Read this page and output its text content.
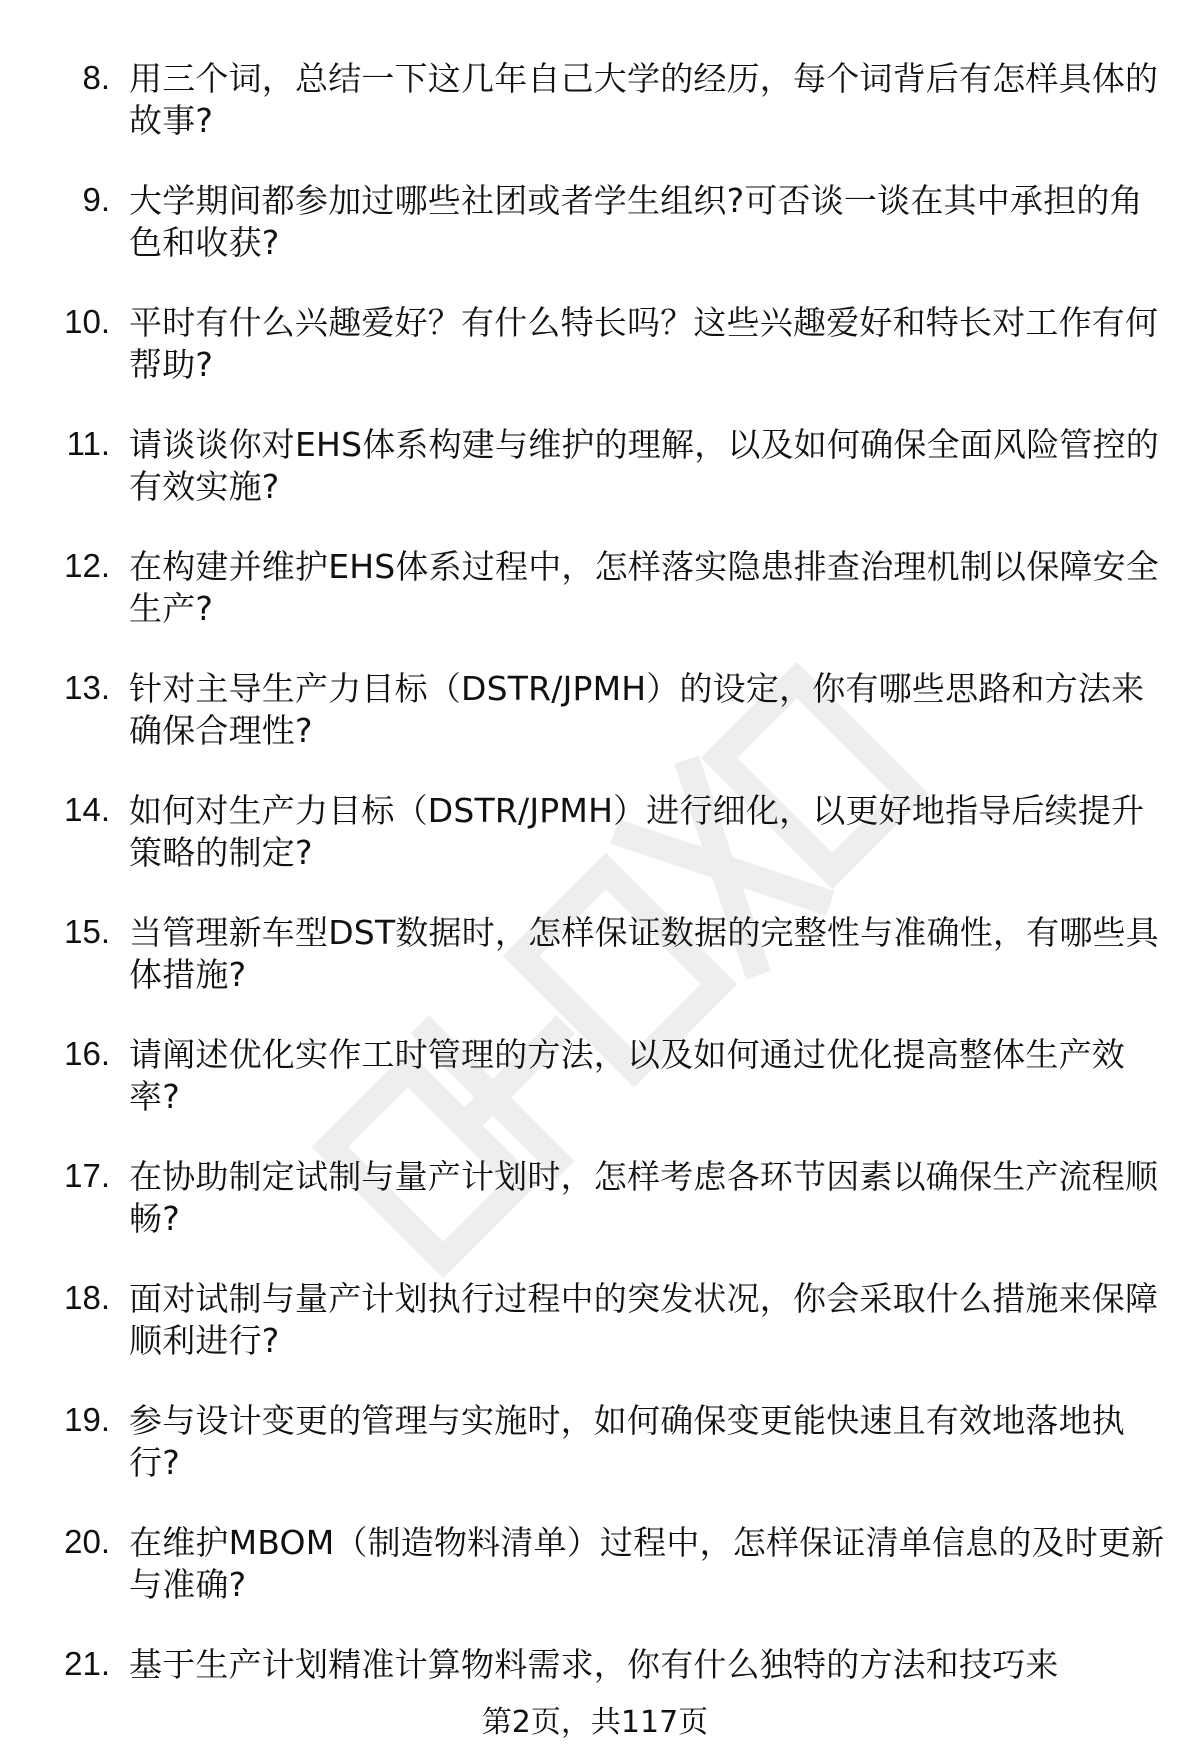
8. 用三个词，总结一下这几年自己大学的经历，每个词背后有怎样具体的故事?
9. 大学期间都参加过哪些社团或者学生组织?可否谈一谈在其中承担的角色和收获?
10. 平时有什么兴趣爱好？有什么特长吗？这些兴趣爱好和特长对工作有何帮助?
11. 请谈谈你对EHS体系构建与维护的理解，以及如何确保全面风险管控的有效实施?
12. 在构建并维护EHS体系过程中，怎样落实隐患排查治理机制以保障安全生产?
13. 针对主导生产力目标（DSTR/JPMH）的设定，你有哪些思路和方法来确保合理性?
14. 如何对生产力目标（DSTR/JPMH）进行细化，以更好地指导后续提升策略的制定?
15. 当管理新车型DST数据时，怎样保证数据的完整性与准确性，有哪些具体措施?
16. 请阐述优化实作工时管理的方法，以及如何通过优化提高整体生产效率?
17. 在协助制定试制与量产计划时，怎样考虑各环节因素以确保生产流程顺畅?
18. 面对试制与量产计划执行过程中的突发状况，你会采取什么措施来保障顺利进行?
19. 参与设计变更的管理与实施时，如何确保变更能快速且有效地落地执行?
20. 在维护MBOM（制造物料清单）过程中，怎样保证清单信息的及时更新与准确?
21. 基于生产计划精准计算物料需求，你有什么独特的方法和技巧来
第2页，共117页
